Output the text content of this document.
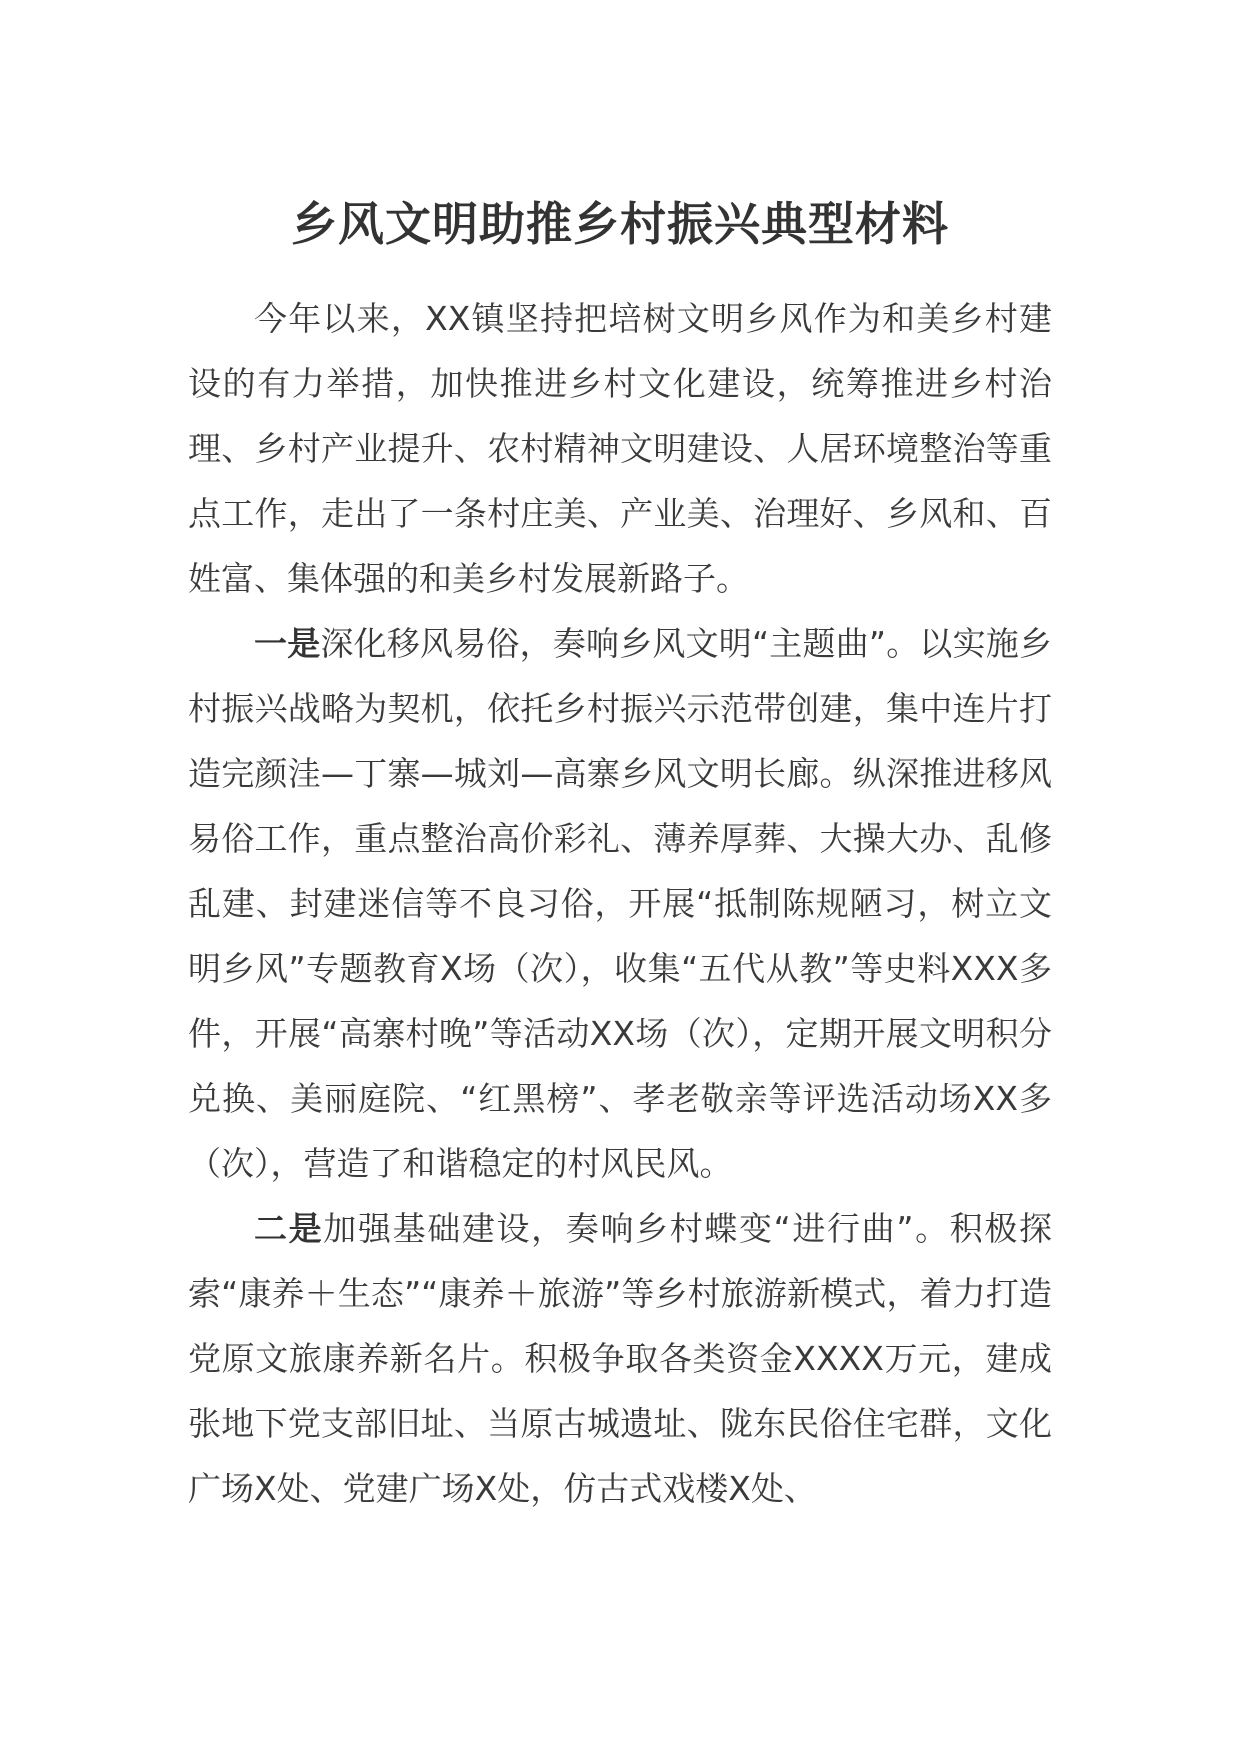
乡风文明助推乡村振兴典型材料

今年以来，XX镇坚持把培树文明乡风作为和美乡村建设的有力举措，加快推进乡村文化建设，统筹推进乡村治理、乡村产业提升、农村精神文明建设、人居环境整治等重点工作，走出了一条村庄美、产业美、治理好、乡风和、百姓富、集体强的和美乡村发展新路子。

一是深化移风易俗，奏响乡风文明“主题曲”。以实施乡村振兴战略为契机，依托乡村振兴示范带创建，集中连片打造完颜洼—丁寨—城刘—高寨乡风文明长廊。纵深推进移风易俗工作，重点整治高价彩礼、薄养厚葬、大操大办、乱修乱建、封建迷信等不良习俗，开展“抵制陈规陋习，树立文明乡风”专题教育X场（次），收集“五代从教”等史料XXX多件，开展“高寨村晚”等活动XX场（次），定期开展文明积分兑换、美丽庭院、“红黑榜”、孝老敬亲等评选活动场XX多（次），营造了和谐稳定的村风民风。

二是加强基础建设，奏响乡村蝶变“进行曲”。积极探索“康养＋生态”“康养＋旅游”等乡村旅游新模式，着力打造党原文旅康养新名片。积极争取各类资金XXXX万元，建成张地下党支部旧址、当原古城遗址、陇东民俗住宅群，文化广场X处、党建广场X处，仿古式戏楼X处、
